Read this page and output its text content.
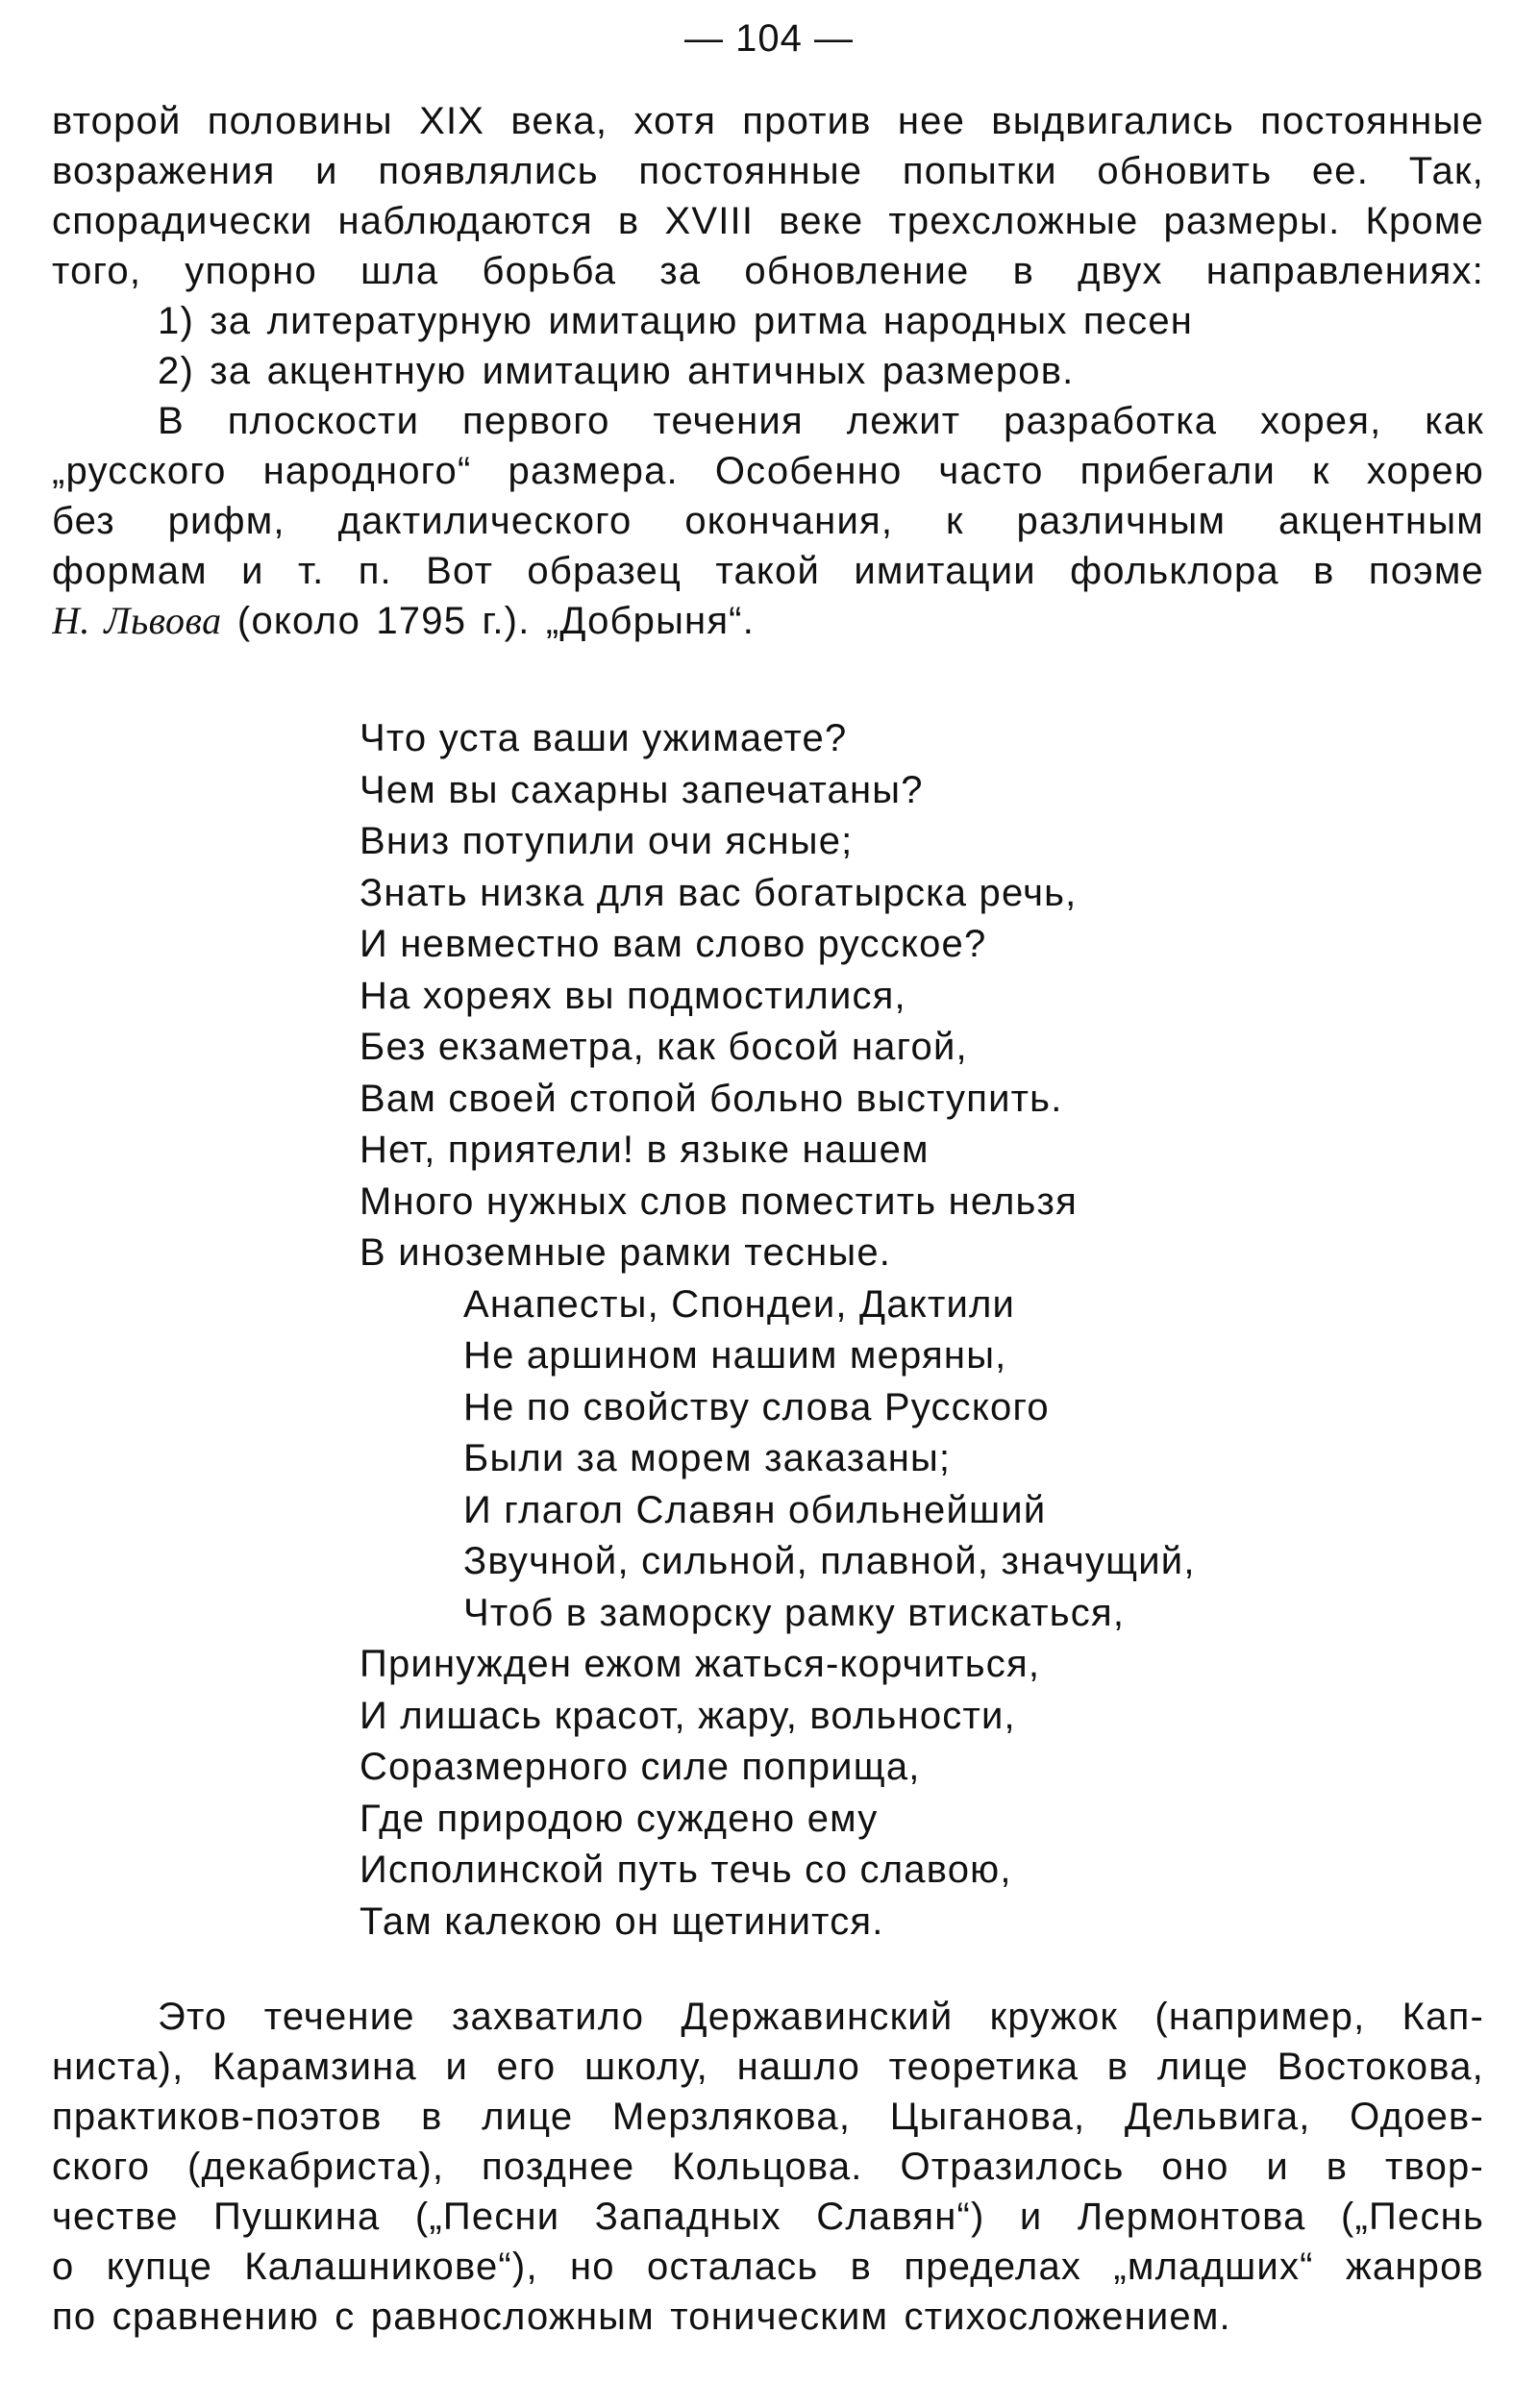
— 104 —
второй половины XIX века, хотя против нее выдвигались постоянные
возражения и появлялись постоянные попытки обновить ее. Так,
спорадически наблюдаются в XVIII веке трехсложные размеры. Кроме
того, упорно шла борьба за обновление в двух направлениях:
1) за литературную имитацию ритма народных песен
2) за акцентную имитацию античных размеров.
В плоскости первого течения лежит разработка хорея, как
„русского народного“ размера. Особенно часто прибегали к хорею
без рифм, дактилического окончания, к различным акцентным
формам и т. п. Вот образец такой имитации фольклора в поэме
Н. Львова (около 1795 г.). „Добрыня“.
Что уста ваши ужимаете?
Чем вы сахарны запечатаны?
Вниз потупили очи ясные;
Знать низка для вас богатырска речь,
И невместно вам слово русское?
На хореях вы подмостилися,
Без екзаметра, как босой нагой,
Вам своей стопой больно выступить.
Нет, приятели! в языке нашем
Много нужных слов поместить нельзя
В иноземные рамки тесные.
Анапесты, Спондеи, Дактили
Не аршином нашим меряны,
Не по свойству слова Русского
Были за морем заказаны;
И глагол Славян обильнейший
Звучной, сильной, плавной, значущий,
Чтоб в заморску рамку втискаться,
Принужден ежом жаться-корчиться,
И лишась красот, жару, вольности,
Соразмерного силе поприща,
Где природою суждено ему
Исполинской путь течь со славою,
Там калекою он щетинится.
Это течение захватило Державинский кружок (например, Кап-
ниста), Карамзина и его школу, нашло теоретика в лице Востокова,
практиков-поэтов в лице Мерзлякова, Цыганова, Дельвига, Одоев-
ского (декабриста), позднее Кольцова. Отразилось оно и в твор-
честве Пушкина („Песни Западных Славян“) и Лермонтова („Песнь
о купце Калашникове“), но осталась в пределах „младших“ жанров
по сравнению с равносложным тоническим стихосложением.
